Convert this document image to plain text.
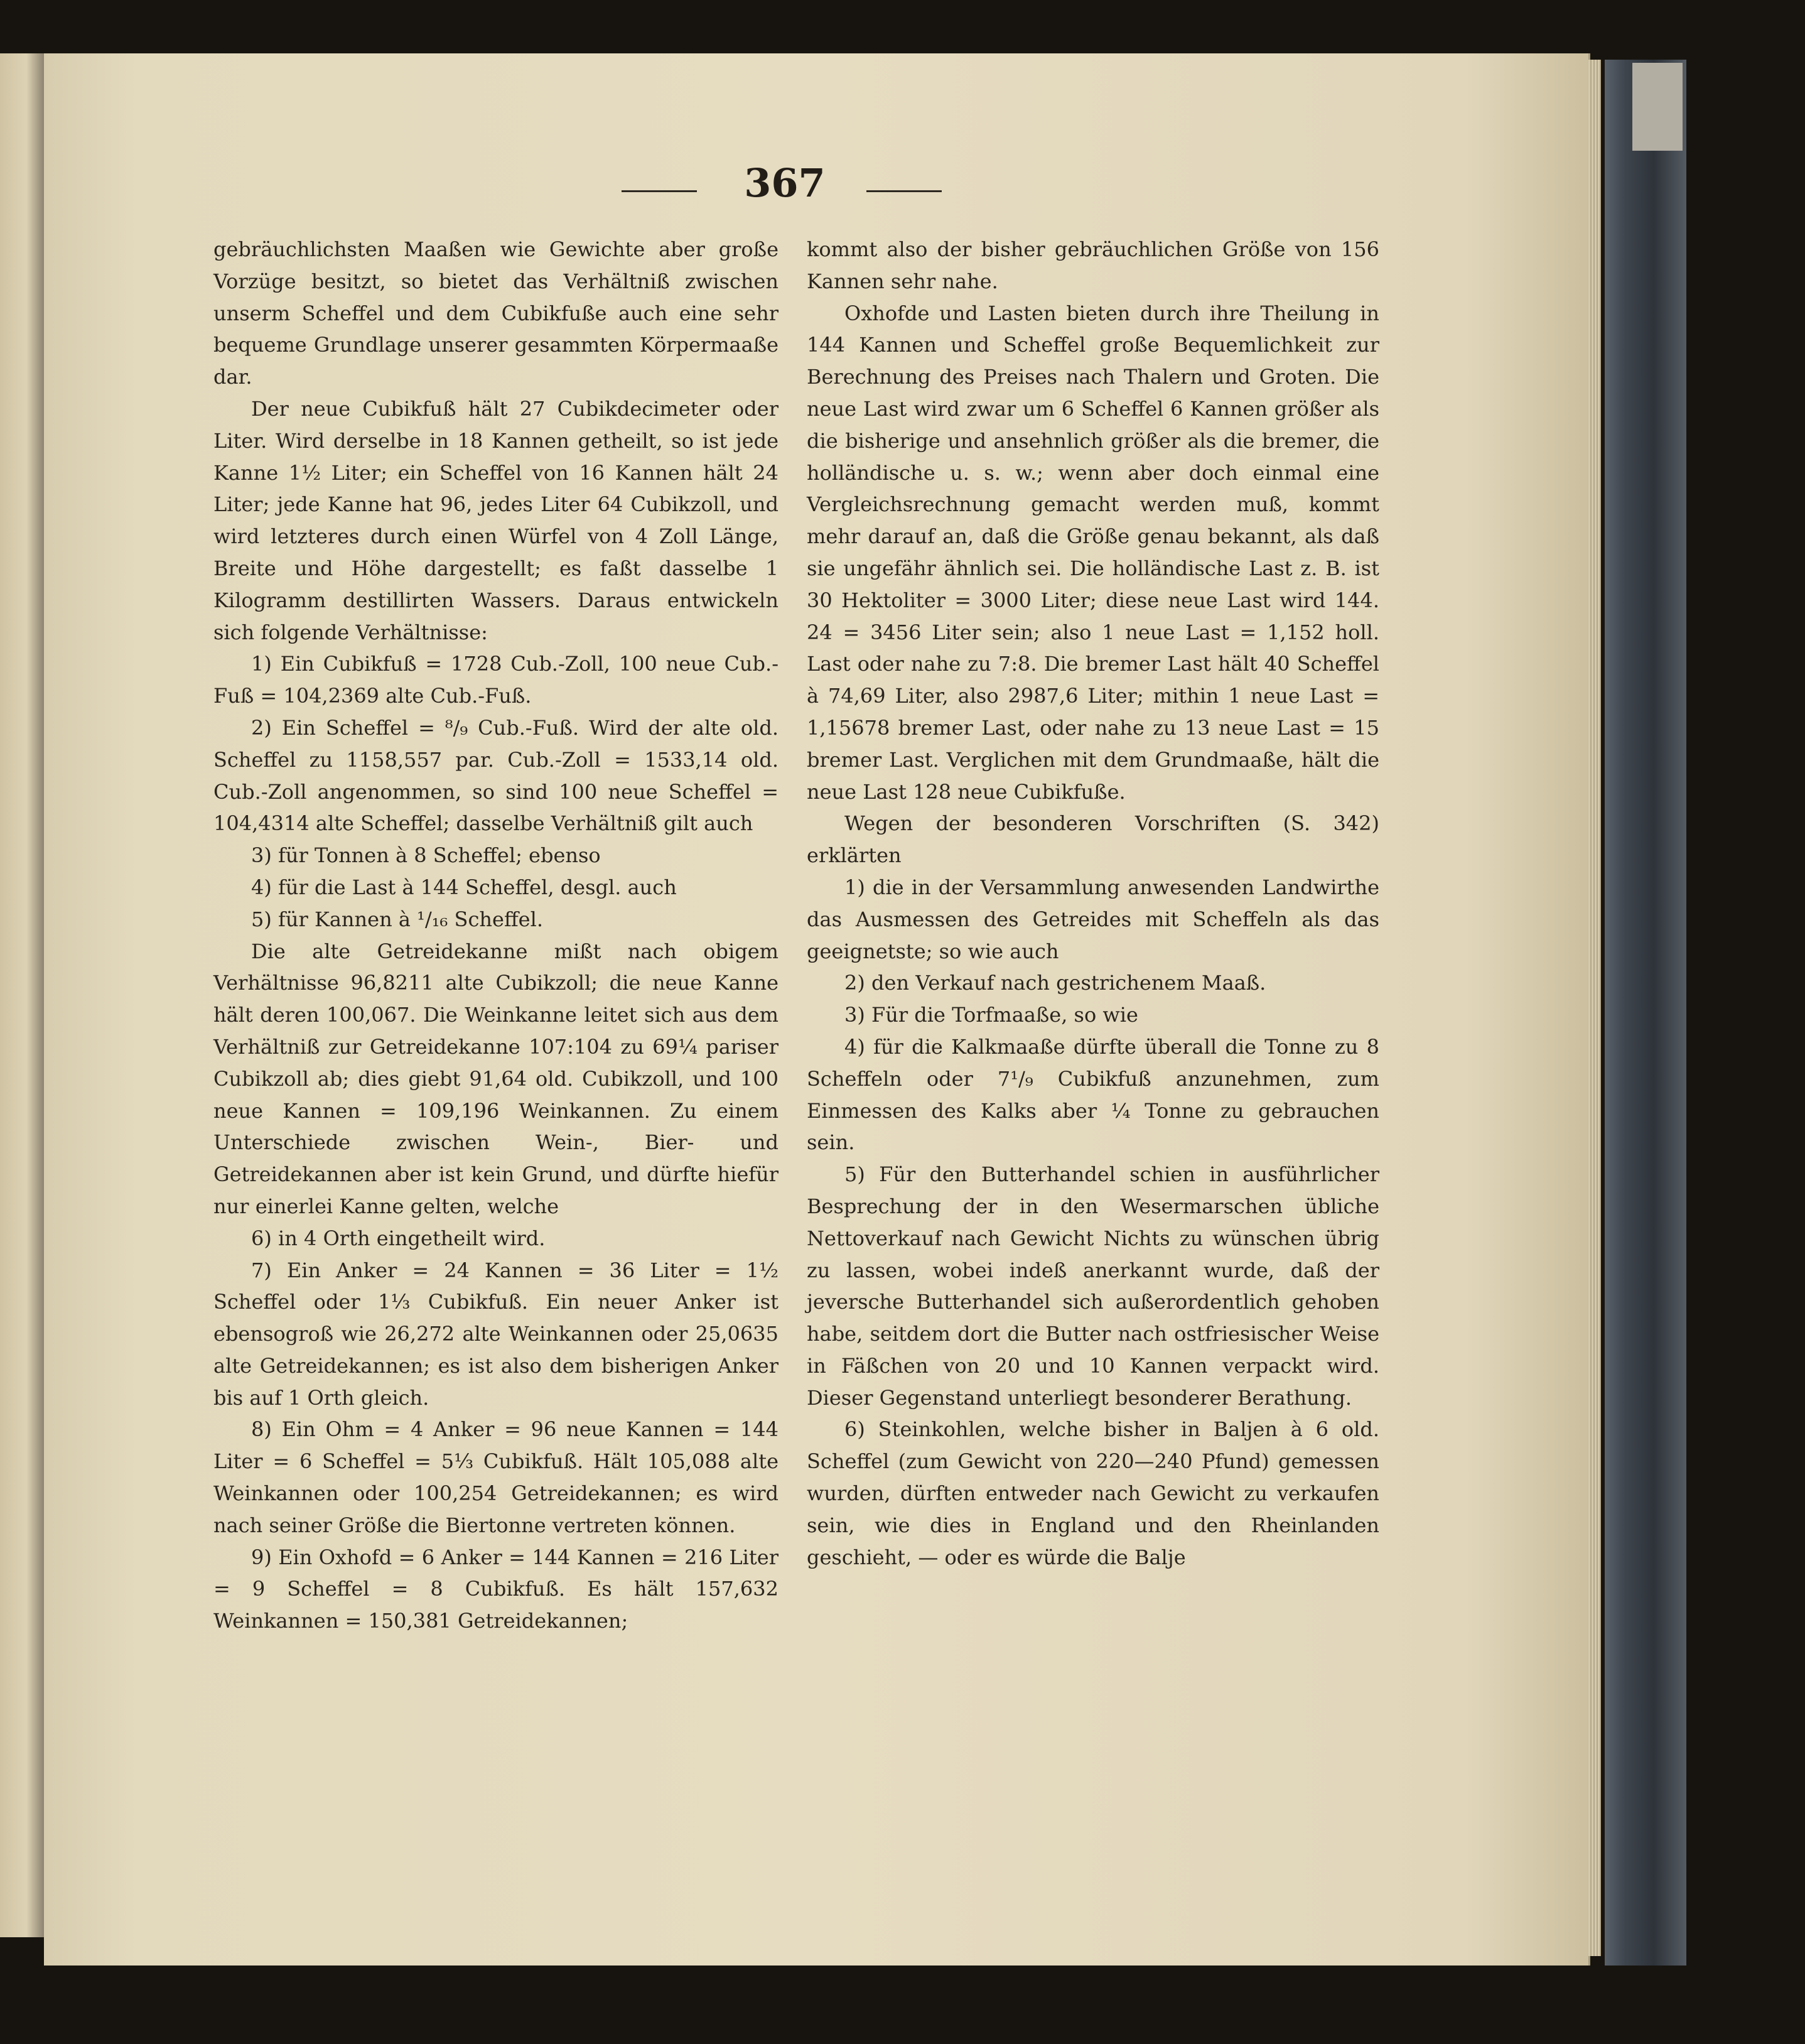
367

gebräuchlichsten Maaßen wie Gewichte aber große Vorzüge besitzt, so bietet das Verhältniß zwischen unserm Scheffel und dem Cubikfuße auch eine sehr bequeme Grundlage unserer gesammten Körpermaaße dar.

Der neue Cubikfuß hält 27 Cubikdecimeter oder Liter. Wird derselbe in 18 Kannen getheilt, so ist jede Kanne 1½ Liter; ein Scheffel von 16 Kannen hält 24 Liter; jede Kanne hat 96, jedes Liter 64 Cubikzoll, und wird letzteres durch einen Würfel von 4 Zoll Länge, Breite und Höhe dargestellt; es faßt dasselbe 1 Kilogramm destillirten Wassers. Daraus entwickeln sich folgende Verhältnisse:

1) Ein Cubikfuß = 1728 Cub.-Zoll, 100 neue Cub.-Fuß = 104,2369 alte Cub.-Fuß.

2) Ein Scheffel = ⁸/₉ Cub.-Fuß. Wird der alte old. Scheffel zu 1158,557 par. Cub.-Zoll = 1533,14 old. Cub.-Zoll angenommen, so sind 100 neue Scheffel = 104,4314 alte Scheffel; dasselbe Verhältniß gilt auch

3) für Tonnen à 8 Scheffel; ebenso

4) für die Last à 144 Scheffel, desgl. auch

5) für Kannen à ¹/₁₆ Scheffel.

Die alte Getreidekanne mißt nach obigem Verhältnisse 96,8211 alte Cubikzoll; die neue Kanne hält deren 100,067. Die Weinkanne leitet sich aus dem Verhältniß zur Getreidekanne 107:104 zu 69¼ pariser Cubikzoll ab; dies giebt 91,64 old. Cubikzoll, und 100 neue Kannen = 109,196 Weinkannen. Zu einem Unterschiede zwischen Wein-, Bier- und Getreidekannen aber ist kein Grund, und dürfte hiefür nur einerlei Kanne gelten, welche

6) in 4 Orth eingetheilt wird.

7) Ein Anker = 24 Kannen = 36 Liter = 1½ Scheffel oder 1⅓ Cubikfuß. Ein neuer Anker ist ebensogroß wie 26,272 alte Weinkannen oder 25,0635 alte Getreidekannen; es ist also dem bisherigen Anker bis auf 1 Orth gleich.

8) Ein Ohm = 4 Anker = 96 neue Kannen = 144 Liter = 6 Scheffel = 5⅓ Cubikfuß. Hält 105,088 alte Weinkannen oder 100,254 Getreidekannen; es wird nach seiner Größe die Biertonne vertreten können.

9) Ein Oxhofd = 6 Anker = 144 Kannen = 216 Liter = 9 Scheffel = 8 Cubikfuß. Es hält 157,632 Weinkannen = 150,381 Getreidekannen;

kommt also der bisher gebräuchlichen Größe von 156 Kannen sehr nahe.

Oxhofde und Lasten bieten durch ihre Theilung in 144 Kannen und Scheffel große Bequemlichkeit zur Berechnung des Preises nach Thalern und Groten. Die neue Last wird zwar um 6 Scheffel 6 Kannen größer als die bisherige und ansehnlich größer als die bremer, die holländische u. s. w.; wenn aber doch einmal eine Vergleichsrechnung gemacht werden muß, kommt mehr darauf an, daß die Größe genau bekannt, als daß sie ungefähr ähnlich sei. Die holländische Last z. B. ist 30 Hektoliter = 3000 Liter; diese neue Last wird 144. 24 = 3456 Liter sein; also 1 neue Last = 1,152 holl. Last oder nahe zu 7:8. Die bremer Last hält 40 Scheffel à 74,69 Liter, also 2987,6 Liter; mithin 1 neue Last = 1,15678 bremer Last, oder nahe zu 13 neue Last = 15 bremer Last. Verglichen mit dem Grundmaaße, hält die neue Last 128 neue Cubikfuße.

Wegen der besonderen Vorschriften (S. 342) erklärten

1) die in der Versammlung anwesenden Landwirthe das Ausmessen des Getreides mit Scheffeln als das geeignetste; so wie auch

2) den Verkauf nach gestrichenem Maaß.

3) Für die Torfmaaße, so wie

4) für die Kalkmaaße dürfte überall die Tonne zu 8 Scheffeln oder 7¹/₉ Cubikfuß anzunehmen, zum Einmessen des Kalks aber ¼ Tonne zu gebrauchen sein.

5) Für den Butterhandel schien in ausführlicher Besprechung der in den Wesermarschen übliche Nettoverkauf nach Gewicht Nichts zu wünschen übrig zu lassen, wobei indeß anerkannt wurde, daß der jeversche Butterhandel sich außerordentlich gehoben habe, seitdem dort die Butter nach ostfriesischer Weise in Fäßchen von 20 und 10 Kannen verpackt wird. Dieser Gegenstand unterliegt besonderer Berathung.

6) Steinkohlen, welche bisher in Baljen à 6 old. Scheffel (zum Gewicht von 220—240 Pfund) gemessen wurden, dürften entweder nach Gewicht zu verkaufen sein, wie dies in England und den Rheinlanden geschieht, — oder es würde die Balje
